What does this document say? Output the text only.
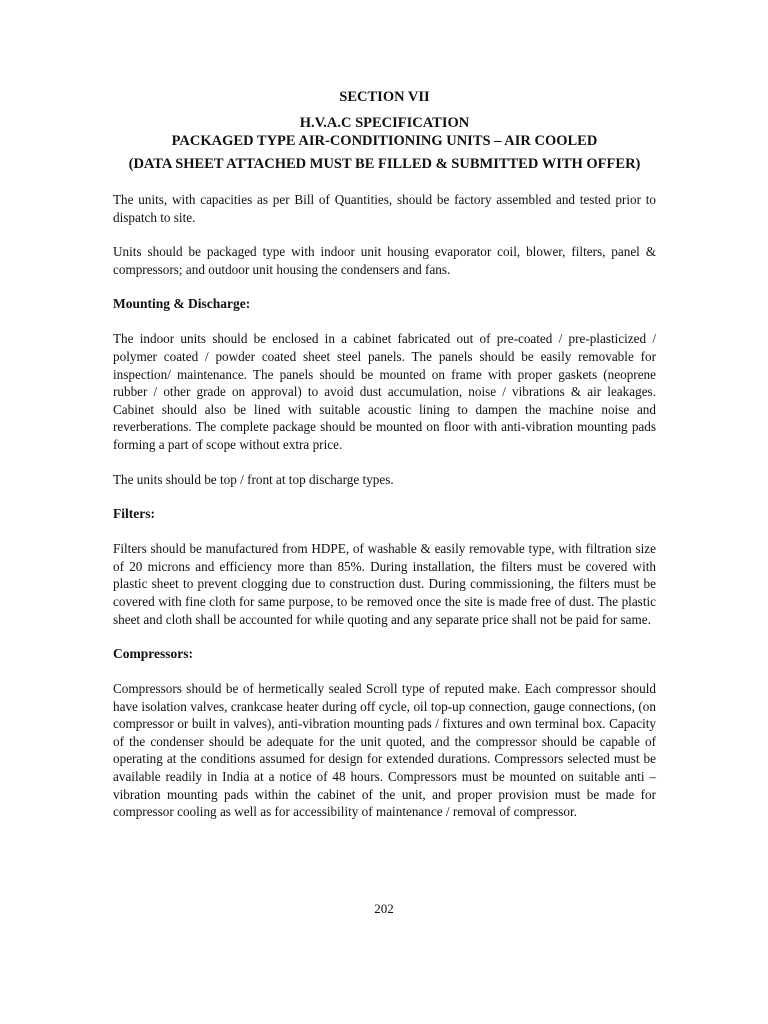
SECTION VII
H.V.A.C SPECIFICATION
PACKAGED TYPE AIR-CONDITIONING UNITS – AIR COOLED
(DATA SHEET ATTACHED MUST BE FILLED & SUBMITTED WITH OFFER)

The units, with capacities as per Bill of Quantities, should be factory assembled and tested prior to dispatch to site.

Units should be packaged type with indoor unit housing evaporator coil, blower, filters, panel & compressors; and outdoor unit housing the condensers and fans.

Mounting & Discharge:

The indoor units should be enclosed in a cabinet fabricated out of pre-coated / pre-plasticized / polymer coated / powder coated sheet steel panels. The panels should be easily removable for inspection/ maintenance. The panels should be mounted on frame with proper gaskets (neoprene rubber / other grade on approval) to avoid dust accumulation, noise / vibrations & air leakages. Cabinet should also be lined with suitable acoustic lining to dampen the machine noise and reverberations. The complete package should be mounted on floor with anti-vibration mounting pads forming a part of scope without extra price.

The units should be top / front at top discharge types.

Filters:

Filters should be manufactured from HDPE, of washable & easily removable type, with filtration size of 20 microns and efficiency more than 85%. During installation, the filters must be covered with plastic sheet to prevent clogging due to construction dust. During commissioning, the filters must be covered with fine cloth for same purpose, to be removed once the site is made free of dust. The plastic sheet and cloth shall be accounted for while quoting and any separate price shall not be paid for same.

Compressors:

Compressors should be of hermetically sealed Scroll type of reputed make. Each compressor should have isolation valves, crankcase heater during off cycle, oil top-up connection, gauge connections, (on compressor or built in valves), anti-vibration mounting pads / fixtures and own terminal box. Capacity of the condenser should be adequate for the unit quoted, and the compressor should be capable of operating at the conditions assumed for design for extended durations. Compressors selected must be available readily in India at a notice of 48 hours. Compressors must be mounted on suitable anti – vibration mounting pads within the cabinet of the unit, and proper provision must be made for compressor cooling as well as for accessibility of maintenance / removal of compressor.

202
